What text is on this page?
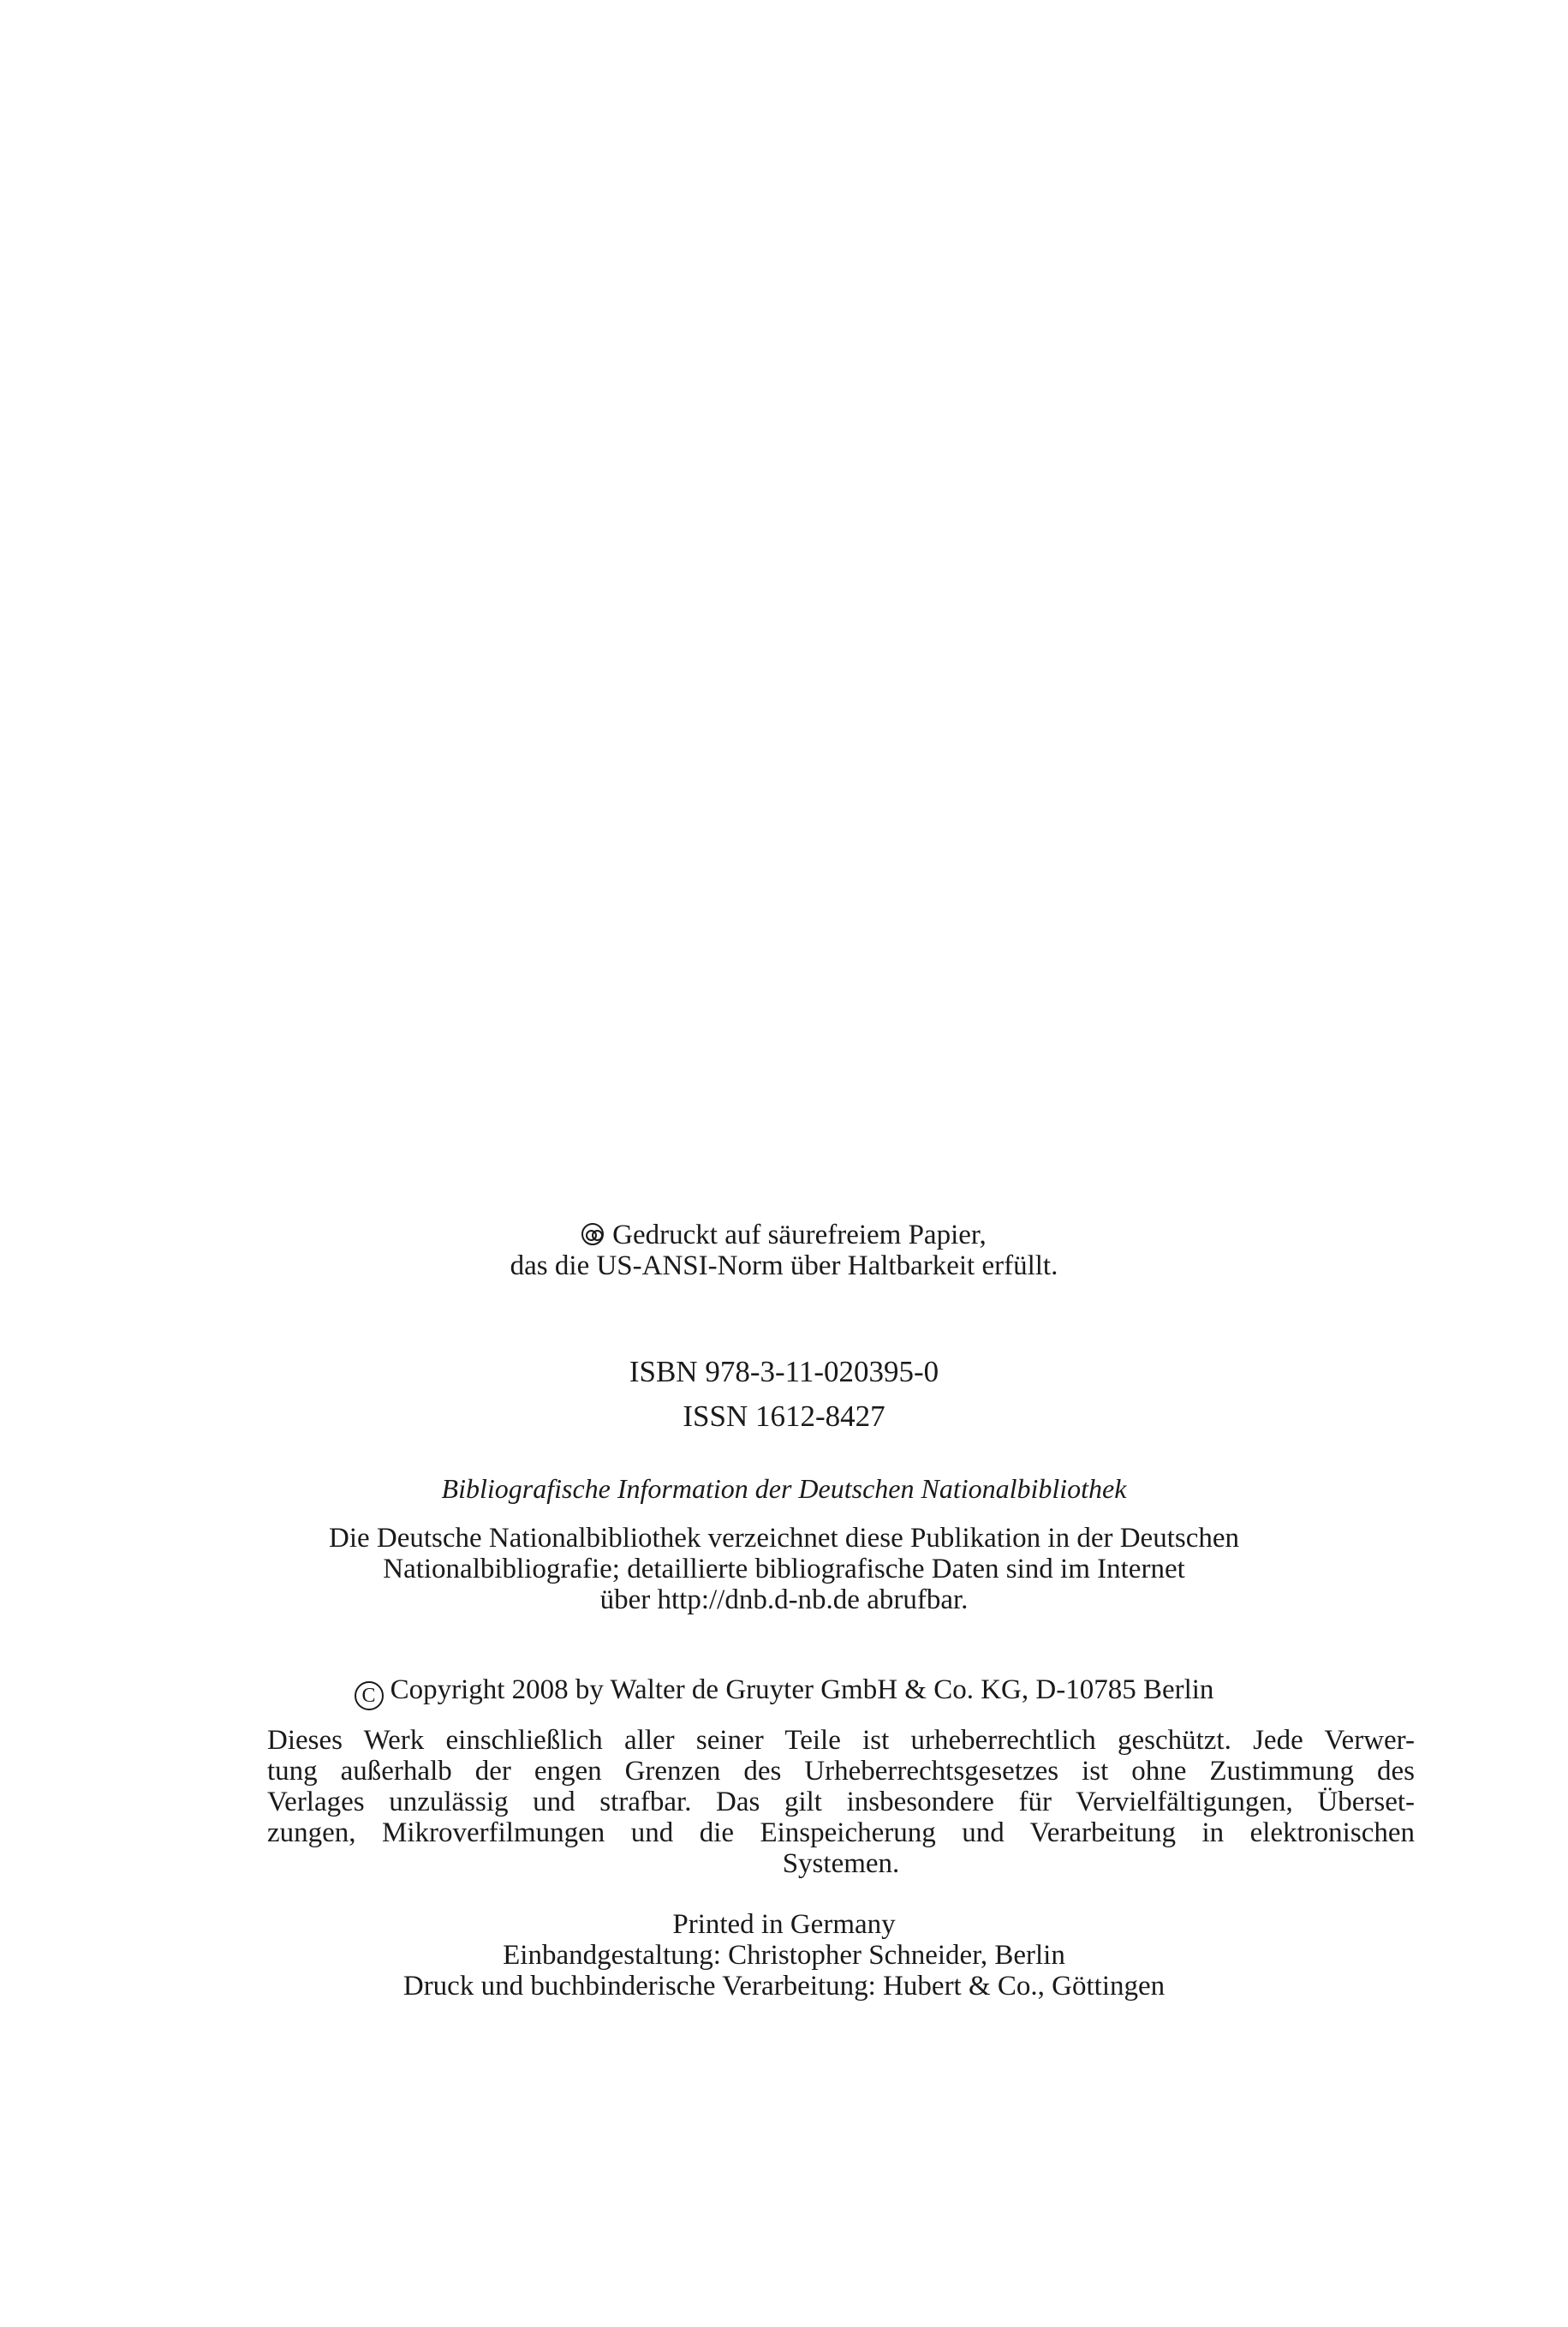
Gedruckt auf säurefreiem Papier,
das die US-ANSI-Norm über Haltbarkeit erfüllt.
ISBN 978-3-11-020395-0
ISSN 1612-8427
Bibliografische Information der Deutschen Nationalbibliothek
Die Deutsche Nationalbibliothek verzeichnet diese Publikation in der Deutschen
Nationalbibliografie; detaillierte bibliografische Daten sind im Internet
über http://dnb.d-nb.de abrufbar.
C Copyright 2008 by Walter de Gruyter GmbH & Co. KG, D-10785 Berlin
Dieses Werk einschließlich aller seiner Teile ist urheberrechtlich geschützt. Jede Verwer-
tung außerhalb der engen Grenzen des Urheberrechtsgesetzes ist ohne Zustimmung des
Verlages unzulässig und strafbar. Das gilt insbesondere für Vervielfältigungen, Überset-
zungen, Mikroverfilmungen und die Einspeicherung und Verarbeitung in elektronischen
Systemen.
Printed in Germany
Einbandgestaltung: Christopher Schneider, Berlin
Druck und buchbinderische Verarbeitung: Hubert & Co., Göttingen
